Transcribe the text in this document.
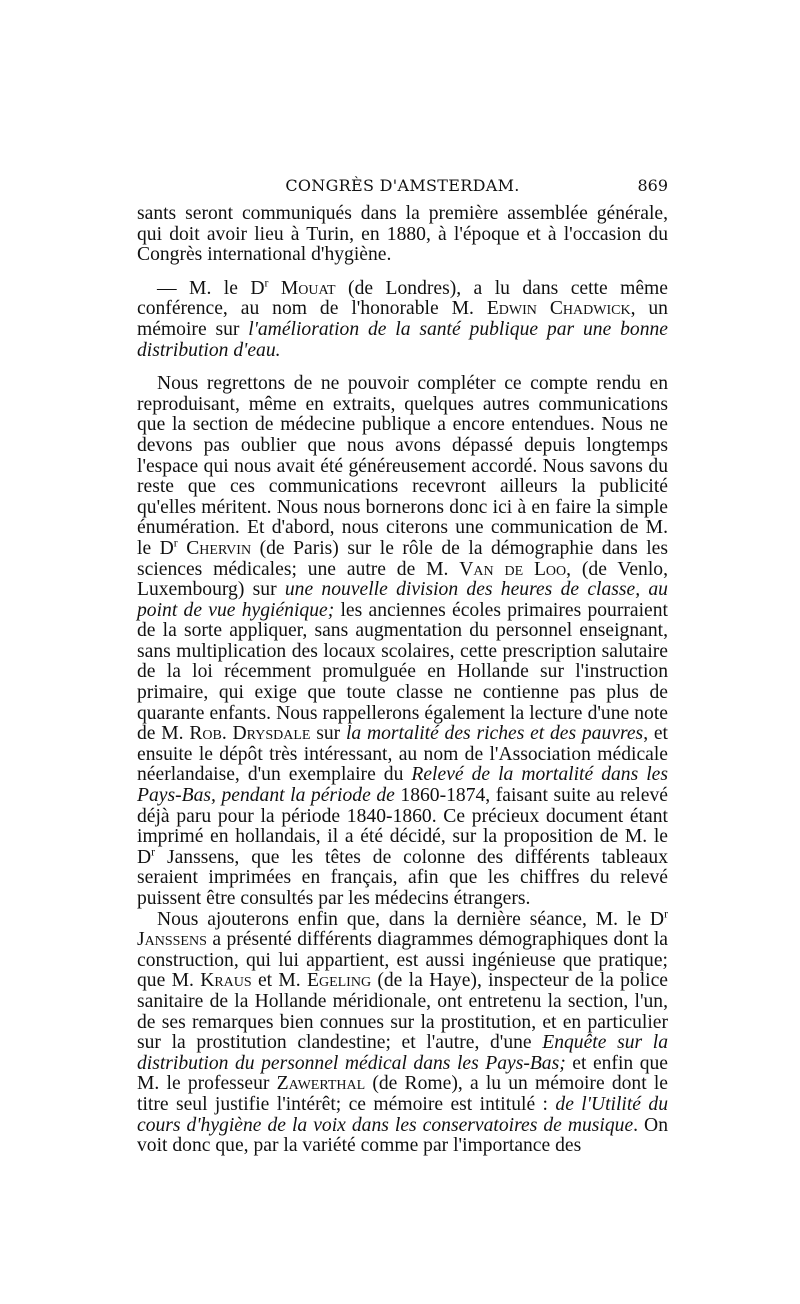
CONGRÈS D'AMSTERDAM.	869

sants seront communiqués dans la première assemblée générale, qui doit avoir lieu à Turin, en 1880, à l'époque et à l'occasion du Congrès international d'hygiène.

— M. le $D^r$ Mouat (de Londres), a lu dans cette même conférence, au nom de l'honorable M. Edwin Chadwick, un mémoire sur l'amélioration de la santé publique par une bonne distribution d'eau.

Nous regrettons de ne pouvoir compléter ce compte rendu en reproduisant, même en extraits, quelques autres communications que la section de médecine publique a encore entendues. Nous ne devons pas oublier que nous avons dépassé depuis longtemps l'espace qui nous avait été généreusement accordé. Nous savons du reste que ces communications recevront ailleurs la publicité qu'elles méritent. Nous nous bornerons donc ici à en faire la simple énumération. Et d'abord, nous citerons une communication de M. le $D^r$ Chervin (de Paris) sur le rôle de la démographie dans les sciences médicales; une autre de M. Van de Loo, (de Venlo, Luxembourg) sur une nouvelle division des heures de classe, au point de vue hygiénique; les anciennes écoles primaires pourraient de la sorte appliquer, sans augmentation du personnel enseignant, sans multiplication des locaux scolaires, cette prescription salutaire de la loi récemment promulguée en Hollande sur l'instruction primaire, qui exige que toute classe ne contienne pas plus de quarante enfants. Nous rappellerons également la lecture d'une note de M. Rob. Drysdale sur la mortalité des riches et des pauvres, et ensuite le dépôt très intéressant, au nom de l'Association médicale néerlandaise, d'un exemplaire du Relevé de la mortalité dans les Pays-Bas, pendant la période de 1860-1874, faisant suite au relevé déjà paru pour la période 1840-1860. Ce précieux document étant imprimé en hollandais, il a été décidé, sur la proposition de M. le $D^r$ Janssens, que les têtes de colonne des différents tableaux seraient imprimées en français, afin que les chiffres du relevé puissent être consultés par les médecins étrangers.

Nous ajouterons enfin que, dans la dernière séance, M. le $D^r$ Janssens a présenté différents diagrammes démographiques dont la construction, qui lui appartient, est aussi ingénieuse que pratique; que M. Kraus et M. Egeling (de la Haye), inspecteur de la police sanitaire de la Hollande méridionale, ont entretenu la section, l'un, de ses remarques bien connues sur la prostitution, et en particulier sur la prostitution clandestine; et l'autre, d'une Enquête sur la distribution du personnel médical dans les Pays-Bas; et enfin que M. le professeur Zawerthal (de Rome), a lu un mémoire dont le titre seul justifie l'intérêt; ce mémoire est intitulé : de l'Utilité du cours d'hygiène de la voix dans les conservatoires de musique. On voit donc que, par la variété comme par l'importance des
